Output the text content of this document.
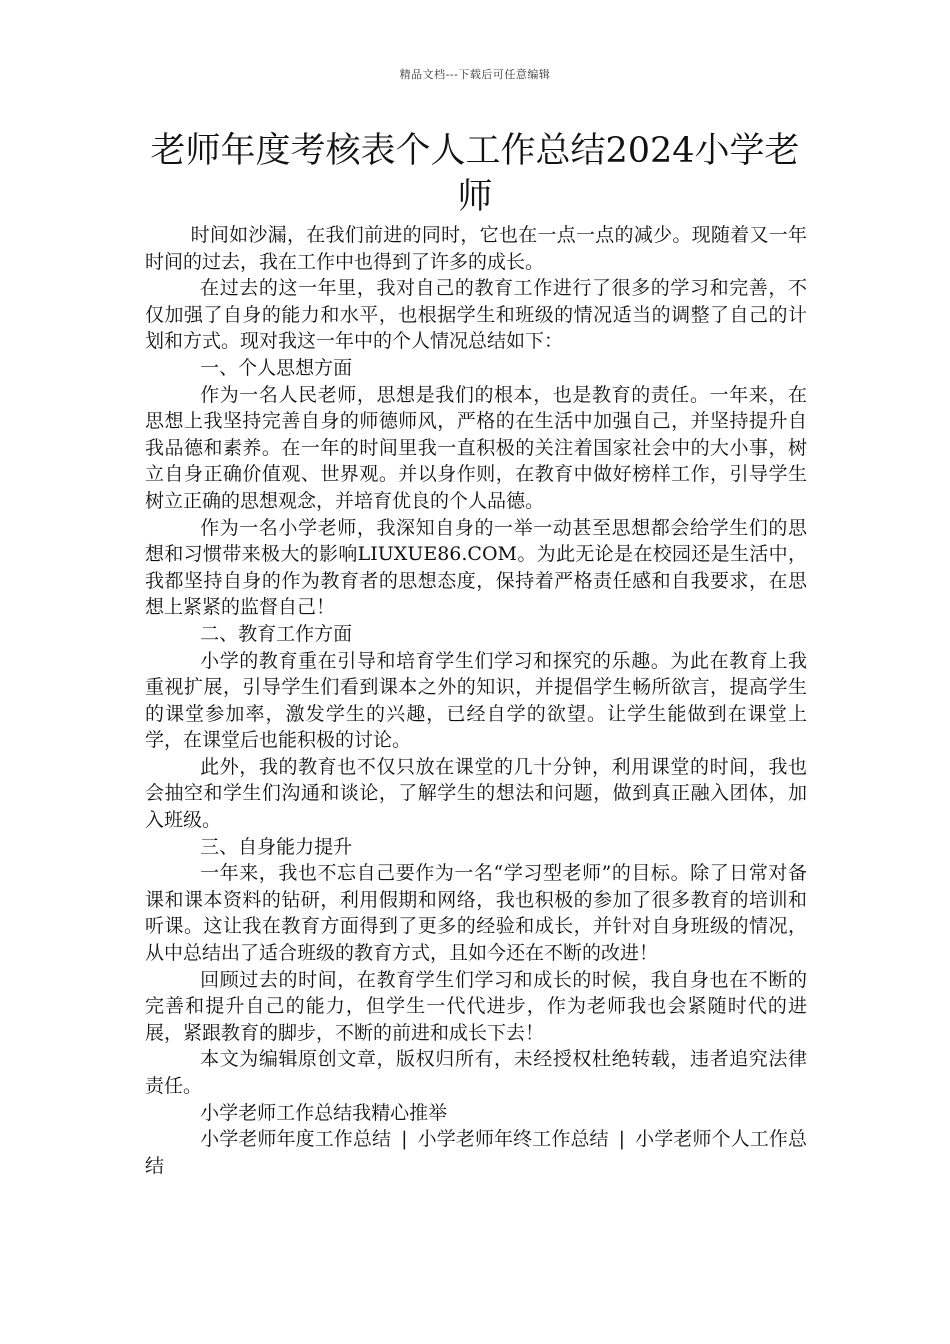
精品文档---下载后可任意编辑
老师年度考核表个人工作总结2024小学老师

时间如沙漏，在我们前进的同时，它也在一点一点的减少。现随着又一年时间的过去，我在工作中也得到了许多的成长。

在过去的这一年里，我对自己的教育工作进行了很多的学习和完善，不仅加强了自身的能力和水平，也根据学生和班级的情况适当的调整了自己的计划和方式。现对我这一年中的个人情况总结如下：

一、个人思想方面

作为一名人民老师，思想是我们的根本，也是教育的责任。一年来，在思想上我坚持完善自身的师德师风，严格的在生活中加强自己，并坚持提升自我品德和素养。在一年的时间里我一直积极的关注着国家社会中的大小事，树立自身正确价值观、世界观。并以身作则，在教育中做好榜样工作，引导学生树立正确的思想观念，并培育优良的个人品德。

作为一名小学老师，我深知自身的一举一动甚至思想都会给学生们的思想和习惯带来极大的影响LIUXUE86.COM。为此无论是在校园还是生活中，我都坚持自身的作为教育者的思想态度，保持着严格责任感和自我要求，在思想上紧紧的监督自己！

二、教育工作方面

小学的教育重在引导和培育学生们学习和探究的乐趣。为此在教育上我重视扩展，引导学生们看到课本之外的知识，并提倡学生畅所欲言，提高学生的课堂参加率，激发学生的兴趣，已经自学的欲望。让学生能做到在课堂上学，在课堂后也能积极的讨论。

此外，我的教育也不仅只放在课堂的几十分钟，利用课堂的时间，我也会抽空和学生们沟通和谈论，了解学生的想法和问题，做到真正融入团体，加入班级。

三、自身能力提升

一年来，我也不忘自己要作为一名“学习型老师”的目标。除了日常对备课和课本资料的钻研，利用假期和网络，我也积极的参加了很多教育的培训和听课。这让我在教育方面得到了更多的经验和成长，并针对自身班级的情况，从中总结出了适合班级的教育方式，且如今还在不断的改进！

回顾过去的时间，在教育学生们学习和成长的时候，我自身也在不断的完善和提升自己的能力，但学生一代代进步，作为老师我也会紧随时代的进展，紧跟教育的脚步，不断的前进和成长下去！

本文为编辑原创文章，版权归所有，未经授权杜绝转载，违者追究法律责任。

小学老师工作总结我精心推举

小学老师年度工作总结 | 小学老师年终工作总结 | 小学老师个人工作总结
